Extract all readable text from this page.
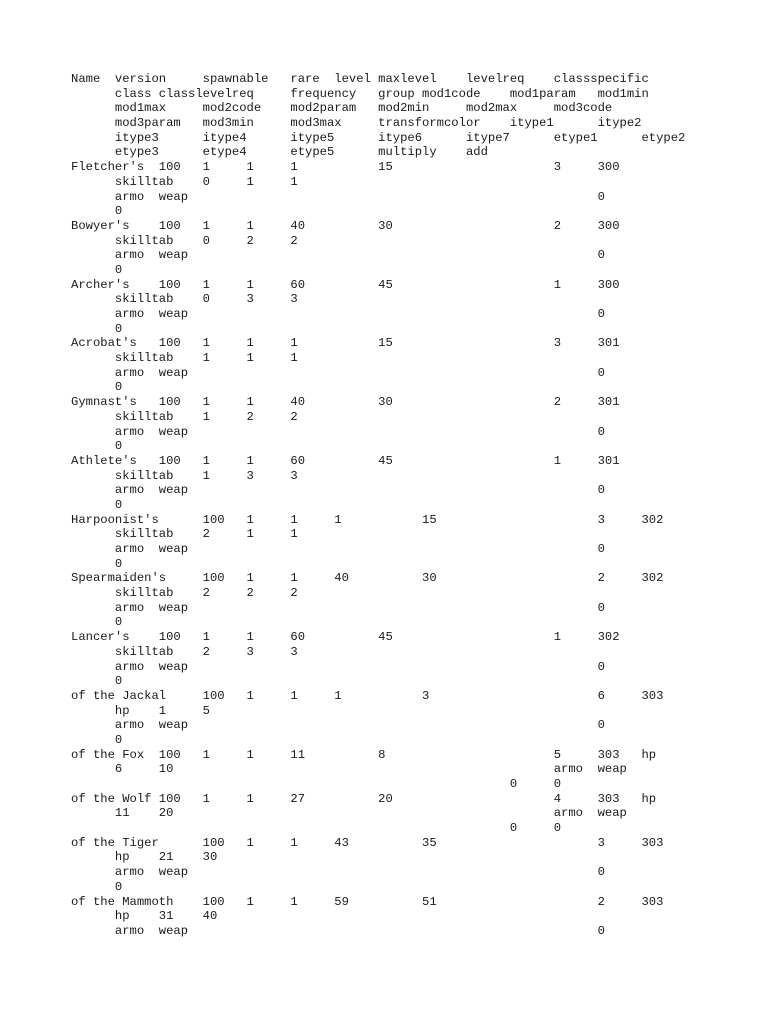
Name  version     spawnable   rare  level maxlevel    levelreq    classspecific
class classlevelreq     frequency   group mod1code    mod1param   mod1min
mod1max     mod2code    mod2param   mod2min     mod2max     mod3code
mod3param   mod3min     mod3max     transformcolor    itype1      itype2
itype3      itype4      itype5      itype6      itype7      etype1      etype2
etype3      etype4      etype5      multiply    add
Fletcher's  100   1     1     1           15                      3     300
skilltab    0     1     1
armo  weap                                                        0
0
Bowyer's    100   1     1     40          30                      2     300
skilltab    0     2     2
armo  weap                                                        0
0
Archer's    100   1     1     60          45                      1     300
skilltab    0     3     3
armo  weap                                                        0
0
Acrobat's   100   1     1     1           15                      3     301
skilltab    1     1     1
armo  weap                                                        0
0
Gymnast's   100   1     1     40          30                      2     301
skilltab    1     2     2
armo  weap                                                        0
0
Athlete's   100   1     1     60          45                      1     301
skilltab    1     3     3
armo  weap                                                        0
0
Harpoonist's      100   1     1     1           15                      3     302
skilltab    2     1     1
armo  weap                                                        0
0
Spearmaiden's     100   1     1     40          30                      2     302
skilltab    2     2     2
armo  weap                                                        0
0
Lancer's    100   1     1     60          45                      1     302
skilltab    2     3     3
armo  weap                                                        0
0
of the Jackal     100   1     1     1           3                       6     303
hp    1     5
armo  weap                                                        0
0
of the Fox  100   1     1     11          8                       5     303   hp
6     10                                                    armo  weap
0     0
of the Wolf 100   1     1     27          20                      4     303   hp
11    20                                                    armo  weap
0     0
of the Tiger      100   1     1     43          35                      3     303
hp    21    30
armo  weap                                                        0
0
of the Mammoth    100   1     1     59          51                      2     303
hp    31    40
armo  weap                                                        0
